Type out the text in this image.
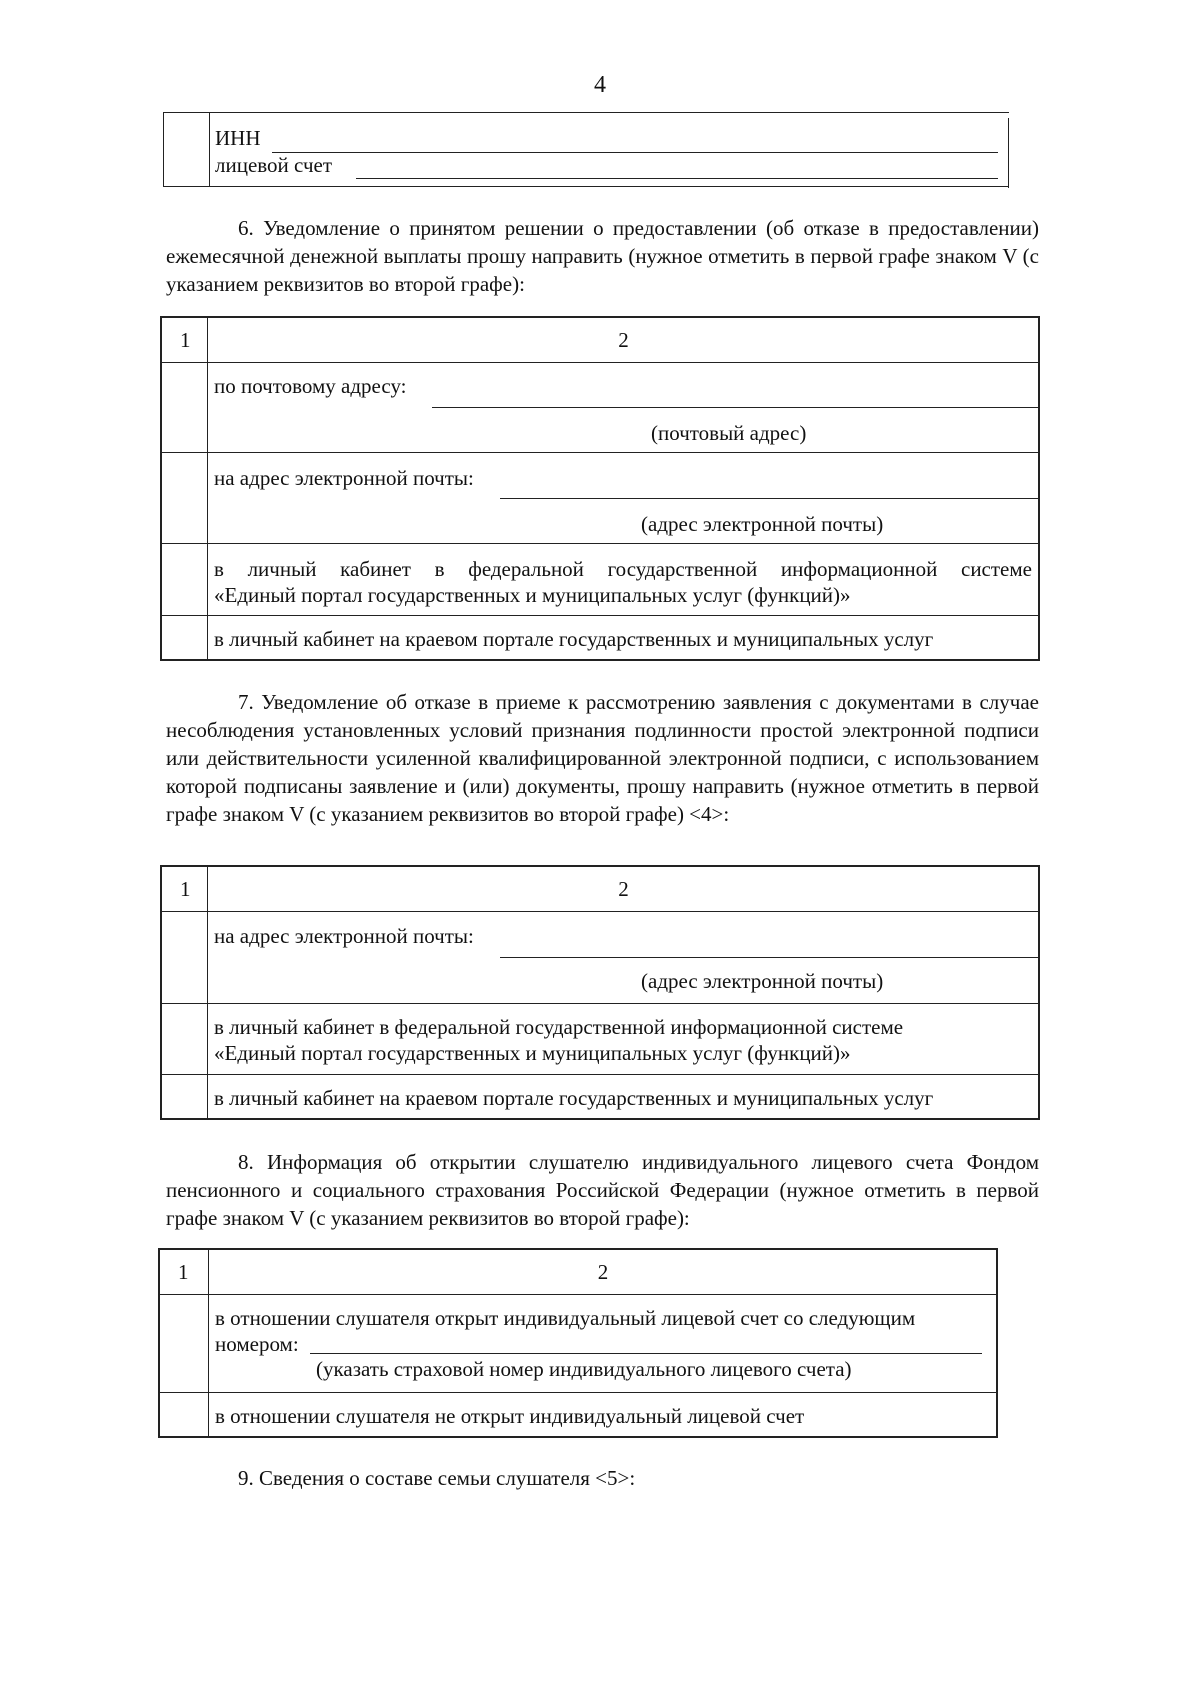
4
ИНН
лицевой счет
6. Уведомление о принятом решении о предоставлении (об отказе в предоставлении) ежемесячной денежной выплаты прошу направить (нужное отметить в первой графе знаком V (с указанием реквизитов во второй графе):
1	2
по почтовому адресу:
(почтовый адрес)
на адрес электронной почты:
(адрес электронной почты)
в личный кабинет в федеральной государственной информационной системе
«Единый портал государственных и муниципальных услуг (функций)»
в личный кабинет на краевом портале государственных и муниципальных услуг
7. Уведомление об отказе в приеме к рассмотрению заявления с документами в случае несоблюдения установленных условий признания подлинности простой электронной подписи или действительности усиленной квалифицированной электронной подписи, с использованием которой подписаны заявление и (или) документы, прошу направить (нужное отметить в первой графе знаком V (с указанием реквизитов во второй графе) <4>:
1	2
на адрес электронной почты:
(адрес электронной почты)
в личный кабинет в федеральной государственной информационной системе
«Единый портал государственных и муниципальных услуг (функций)»
в личный кабинет на краевом портале государственных и муниципальных услуг
8. Информация об открытии слушателю индивидуального лицевого счета Фондом пенсионного и социального страхования Российской Федерации (нужное отметить в первой графе знаком V (с указанием реквизитов во второй графе):
1	2
в отношении слушателя открыт индивидуальный лицевой счет со следующим
номером:
(указать страховой номер индивидуального лицевого счета)
в отношении слушателя не открыт индивидуальный лицевой счет
9. Сведения о составе семьи слушателя <5>:
